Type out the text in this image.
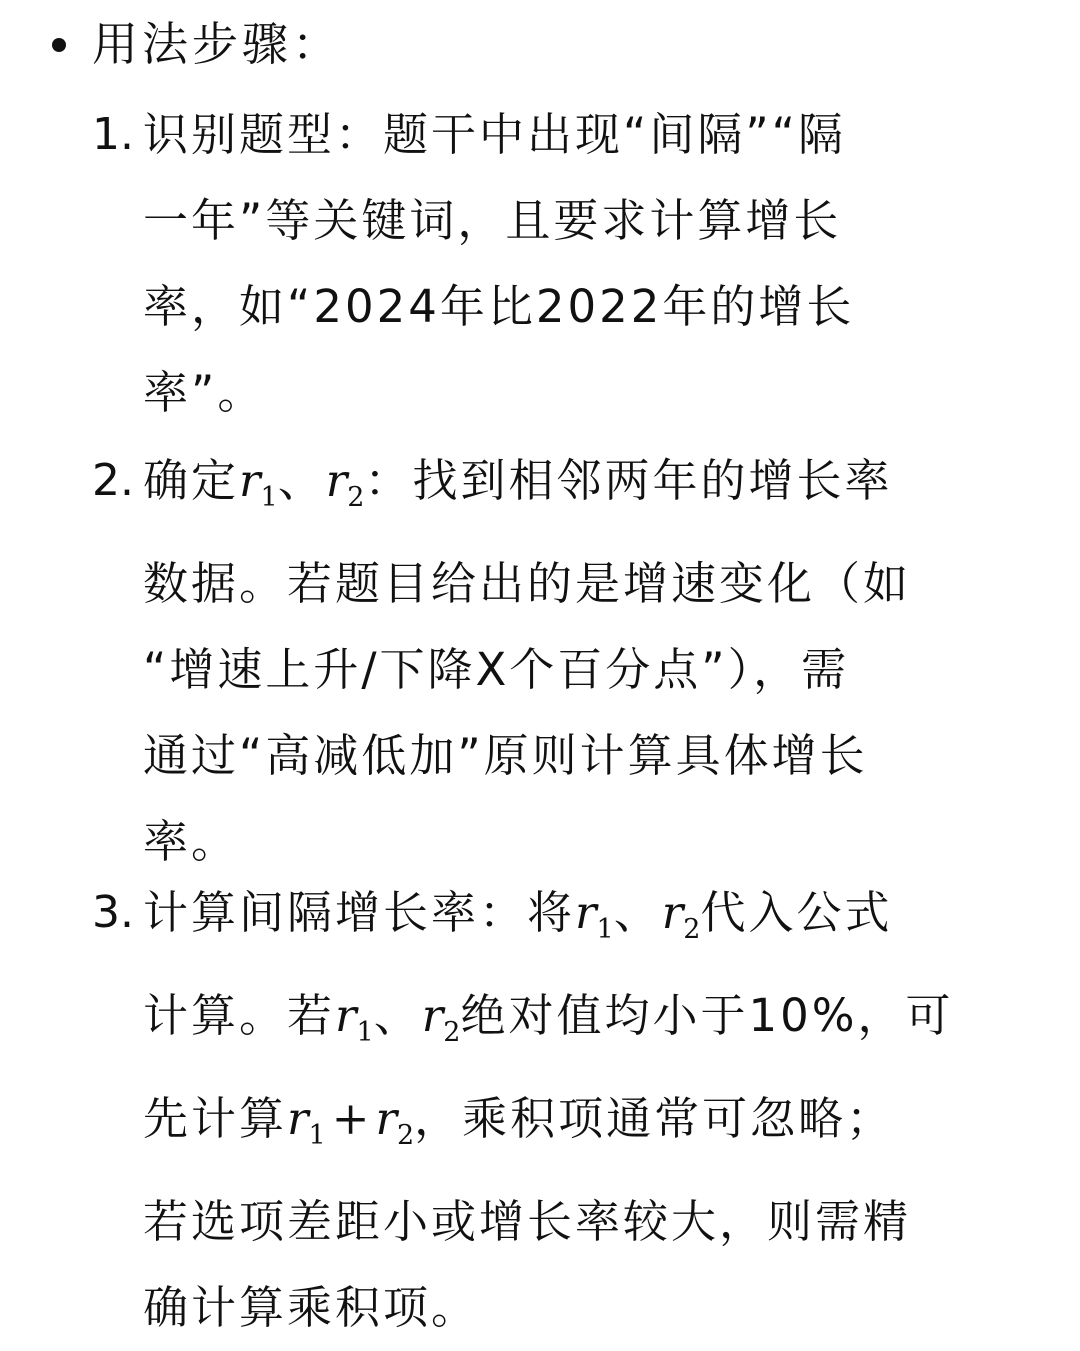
用法步骤：
1. 识别题型：题干中出现“间隔”“隔
一年”等关键词，且要求计算增长
率，如“2024年比2022年的增长
率”。
2. 确定$r_1$、$r_2$：找到相邻两年的增长率
数据。若题目给出的是增速变化（如
“增速上升/下降X个百分点”），需
通过“高减低加”原则计算具体增长
率。
3. 计算间隔增长率：将$r_1$、$r_2$代入公式
计算。若$r_1$、$r_2$绝对值均小于10%，可
先计算$r_1 + r_2$，乘积项通常可忽略；
若选项差距小或增长率较大，则需精
确计算乘积项。
